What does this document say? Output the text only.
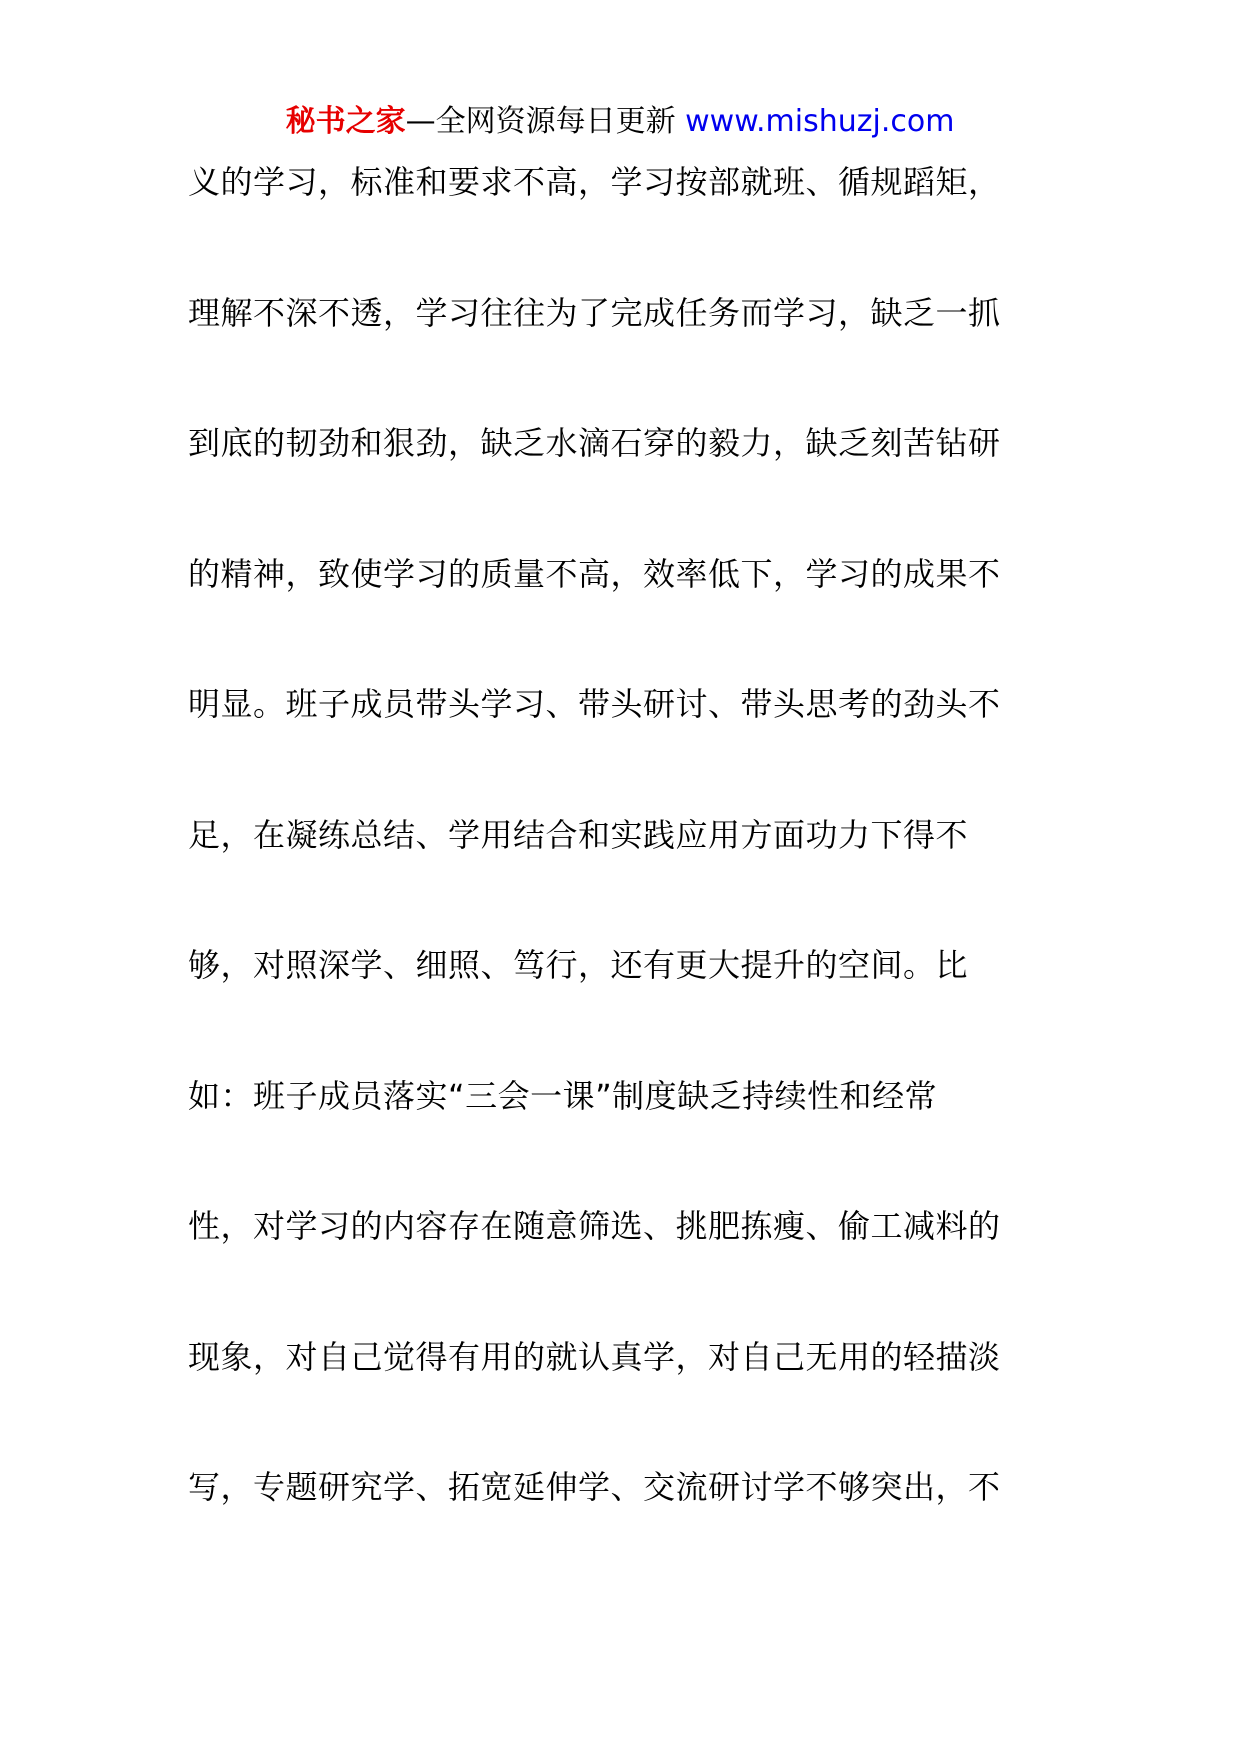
秘书之家—全网资源每日更新 www.mishuzj.com
义的学习，标准和要求不高，学习按部就班、循规蹈矩，
理解不深不透，学习往往为了完成任务而学习，缺乏一抓
到底的韧劲和狠劲，缺乏水滴石穿的毅力，缺乏刻苦钻研
的精神，致使学习的质量不高，效率低下，学习的成果不
明显。班子成员带头学习、带头研讨、带头思考的劲头不
足，在凝练总结、学用结合和实践应用方面功力下得不
够，对照深学、细照、笃行，还有更大提升的空间。比
如：班子成员落实“三会一课”制度缺乏持续性和经常
性，对学习的内容存在随意筛选、挑肥拣瘦、偷工减料的
现象，对自己觉得有用的就认真学，对自己无用的轻描淡
写，专题研究学、拓宽延伸学、交流研讨学不够突出，不
